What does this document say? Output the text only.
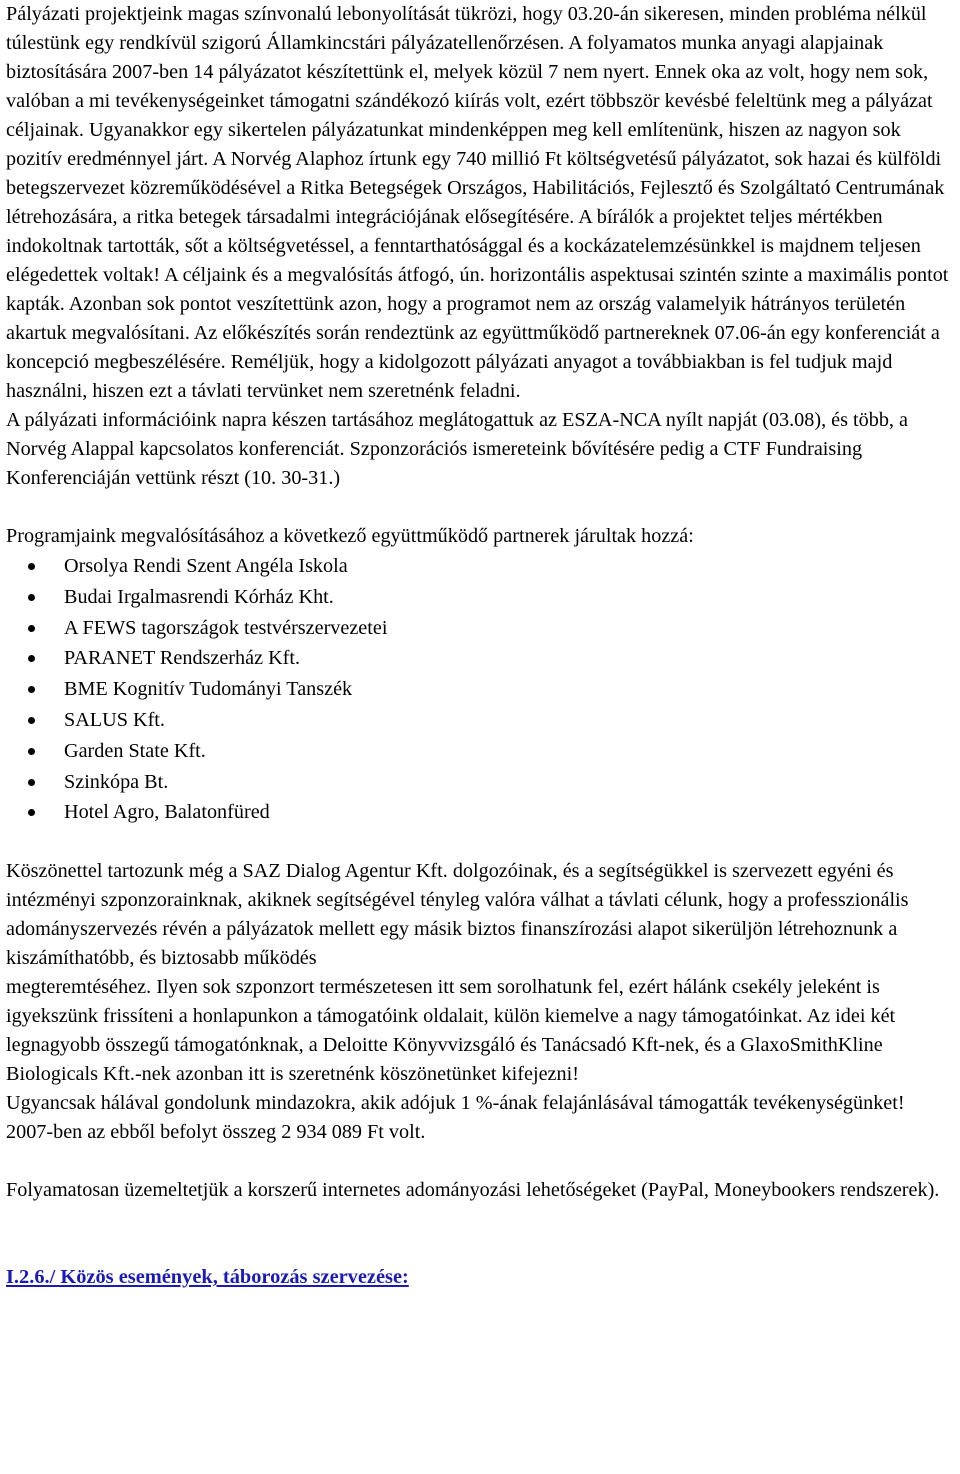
Pályázati projektjeink magas színvonalú lebonyolítását tükrözi, hogy 03.20-án sikeresen, minden probléma nélkül túlestünk egy rendkívül szigorú Államkincstári pályázatellenőrzésen. A folyamatos munka anyagi alapjainak biztosítására 2007-ben 14 pályázatot készítettünk el, melyek közül 7 nem nyert. Ennek oka az volt, hogy nem sok, valóban a mi tevékenységeinket támogatni szándékozó kiírás volt, ezért többször kevésbé feleltünk meg a pályázat céljainak. Ugyanakkor egy sikertelen pályázatunkat mindenképpen meg kell említenünk, hiszen az nagyon sok pozitív eredménnyel járt. A Norvég Alaphoz írtunk egy 740 millió Ft költségvetésű pályázatot, sok hazai és külföldi betegszervezet közreműködésével a Ritka Betegségek Országos, Habilitációs, Fejlesztő és Szolgáltató Centrumának létrehozására, a ritka betegek társadalmi integrációjának elősegítésére. A bírálók a projektet teljes mértékben indokoltnak tartották, sőt a költségvetéssel, a fenntarthatósággal és a kockázatelemzésünkkel is majdnem teljesen elégedettek voltak! A céljaink és a megvalósítás átfogó, ún. horizontális aspektusai szintén szinte a maximális pontot kapták. Azonban sok pontot veszítettünk azon, hogy a programot nem az ország valamelyik hátrányos területén akartuk megvalósítani. Az előkészítés során rendeztünk az együttműködő partnereknek 07.06-án egy konferenciát a koncepció megbeszélésére. Reméljük, hogy a kidolgozott pályázati anyagot a továbbiakban is fel tudjuk majd használni, hiszen ezt a távlati tervünket nem szeretnénk feladni.

A pályázati információink napra készen tartásához meglátogattuk az ESZA-NCA nyílt napját (03.08), és több, a Norvég Alappal kapcsolatos konferenciát. Szponzorációs ismereteink bővítésére pedig a CTF Fundraising Konferenciáján vettünk részt (10. 30-31.)

Programjaink megvalósításához a következő együttműködő partnerek járultak hozzá:

Orsolya Rendi Szent Angéla Iskola
Budai Irgalmasrendi Kórház Kht.
A FEWS tagországok testvérszervezetei
PARANET Rendszerház Kft.
BME Kognitív Tudományi Tanszék
SALUS Kft.
Garden State Kft.
Szinkópa Bt.
Hotel Agro, Balatonfüred

Köszönettel tartozunk még a SAZ Dialog Agentur Kft. dolgozóinak, és a segítségükkel is szervezett egyéni és intézményi szponzorainknak, akiknek segítségével tényleg valóra válhat a távlati célunk, hogy a professzionális adományszervezés révén a pályázatok mellett egy másik biztos finanszírozási alapot sikerüljön létrehoznunk a kiszámíthatóbb, és biztosabb működés

megteremtéséhez. Ilyen sok szponzort természetesen itt sem sorolhatunk fel, ezért hálánk csekély jeleként is igyekszünk frissíteni a honlapunkon a támogatóink oldalait, külön kiemelve a nagy támogatóinkat. Az idei két legnagyobb összegű támogatónknak, a Deloitte Könyvvizsgáló és Tanácsadó Kft-nek, és a GlaxoSmithKline Biologicals Kft.-nek azonban itt is szeretnénk köszönetünket kifejezni!

Ugyancsak hálával gondolunk mindazokra, akik adójuk 1 %-ának felajánlásával támogatták tevékenységünket! 2007-ben az ebből befolyt összeg 2 934 089 Ft volt.

Folyamatosan üzemeltetjük a korszerű internetes adományozási lehetőségeket (PayPal, Moneybookers rendszerek).

I.2.6./ Közös események, táborozás szervezése:
